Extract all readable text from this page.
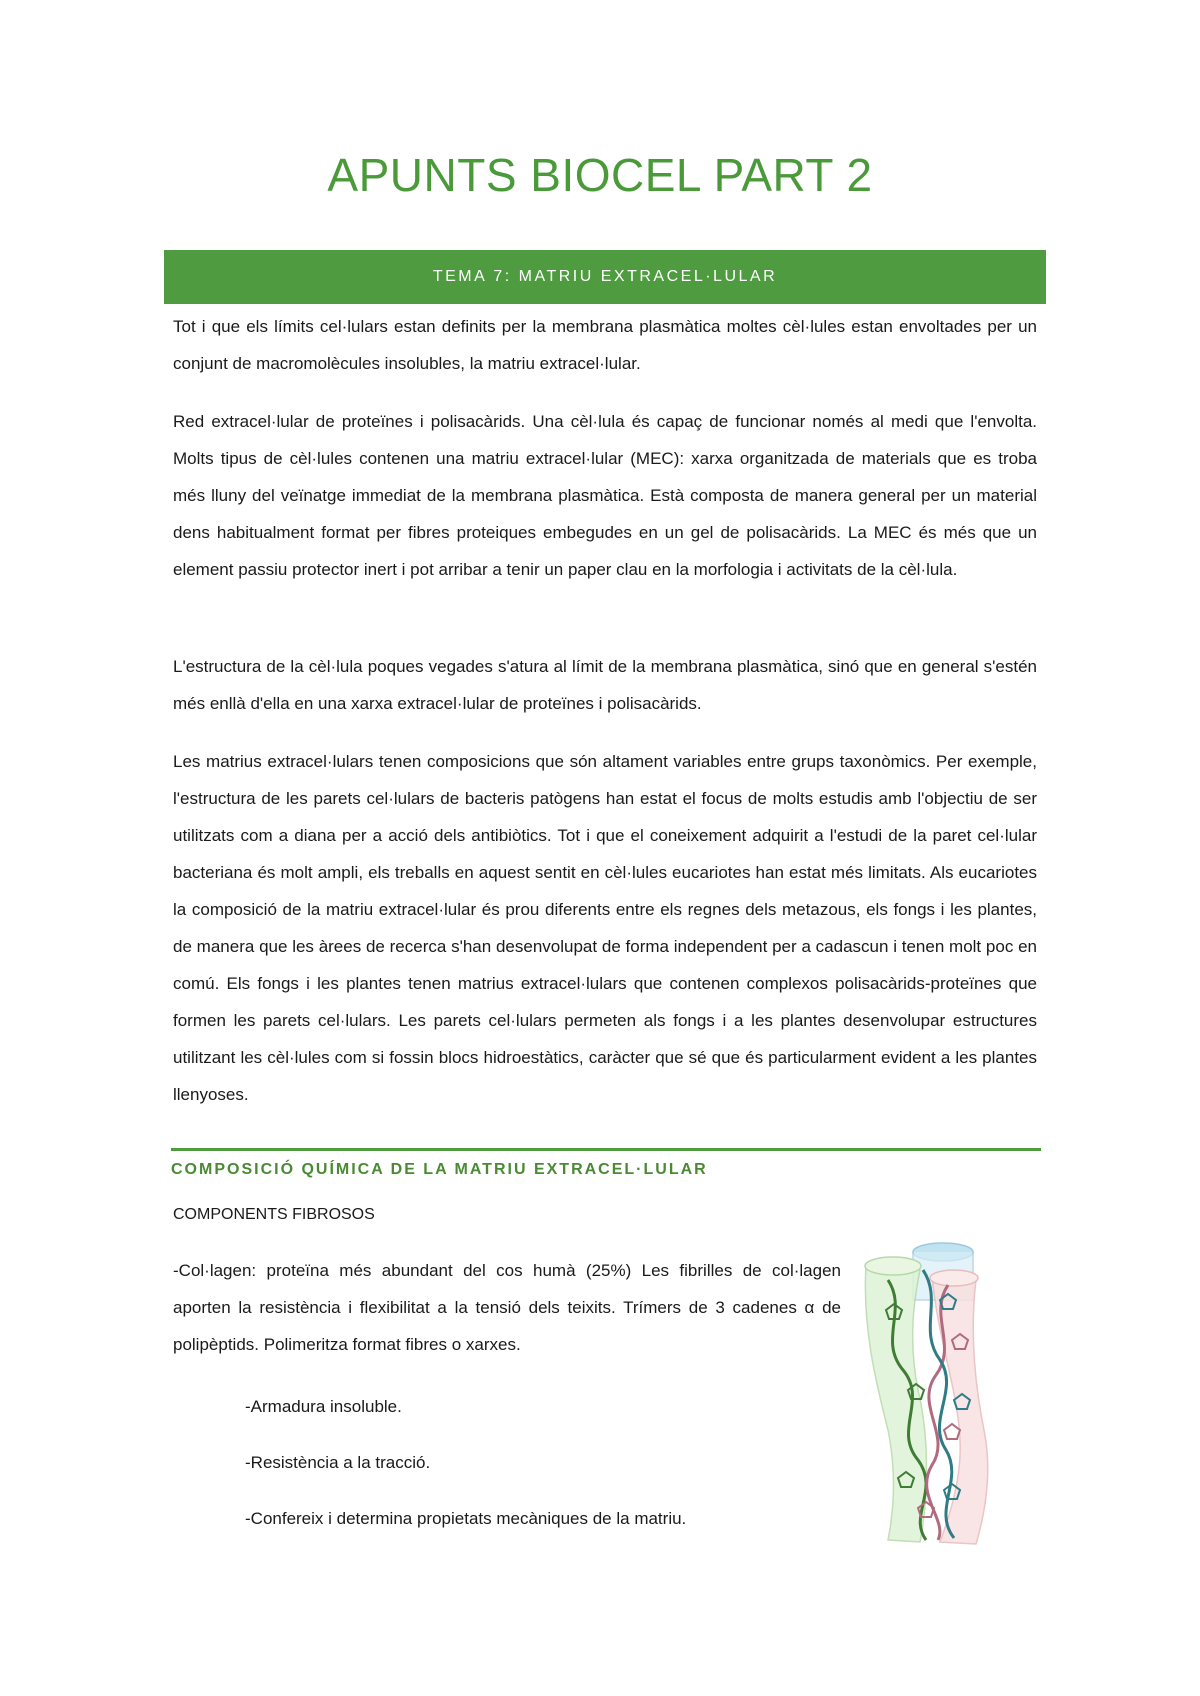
APUNTS BIOCEL PART 2
TEMA 7: MATRIU EXTRACEL·LULAR

Tot i que els límits cel·lulars estan definits per la membrana plasmàtica moltes cèl·lules estan envoltades per un conjunt de macromolècules insolubles, la matriu extracel·lular.

Red extracel·lular de proteïnes i polisacàrids. Una cèl·lula és capaç de funcionar només al medi que l'envolta. Molts tipus de cèl·lules contenen una matriu extracel·lular (MEC): xarxa organitzada de materials que es troba més lluny del veïnatge immediat de la membrana plasmàtica. Està composta de manera general per un material dens habitualment format per fibres proteiques embegudes en un gel de polisacàrids. La MEC és més que un element passiu protector inert i pot arribar a tenir un paper clau en la morfologia i activitats de la cèl·lula.

L'estructura de la cèl·lula poques vegades s'atura al límit de la membrana plasmàtica, sinó que en general s'estén més enllà d'ella en una xarxa extracel·lular de proteïnes i polisacàrids.

Les matrius extracel·lulars tenen composicions que són altament variables entre grups taxonòmics. Per exemple, l'estructura de les parets cel·lulars de bacteris patògens han estat el focus de molts estudis amb l'objectiu de ser utilitzats com a diana per a acció dels antibiòtics. Tot i que el coneixement adquirit a l'estudi de la paret cel·lular bacteriana és molt ampli, els treballs en aquest sentit en cèl·lules eucariotes han estat més limitats. Als eucariotes la composició de la matriu extracel·lular és prou diferents entre els regnes dels metazous, els fongs i les plantes, de manera que les àrees de recerca s'han desenvolupat de forma independent per a cadascun i tenen molt poc en comú. Els fongs i les plantes tenen matrius extracel·lulars que contenen complexos polisacàrids-proteïnes que formen les parets cel·lulars. Les parets cel·lulars permeten als fongs i a les plantes desenvolupar estructures utilitzant les cèl·lules com si fossin blocs hidroestàtics, caràcter que sé que és particularment evident a les plantes llenyoses.

COMPOSICIÓ QUÍMICA DE LA MATRIU EXTRACEL·LULAR
COMPONENTS FIBROSOS

-Col·lagen: proteïna més abundant del cos humà (25%) Les fibrilles de col·lagen aporten la resistència i flexibilitat a la tensió dels teixits. Trímers de 3 cadenes α de polipèptids. Polimeritza format fibres o xarxes.

-Armadura insoluble.

-Resistència a la tracció.

-Confereix i determina propietats mecàniques de la matriu.
